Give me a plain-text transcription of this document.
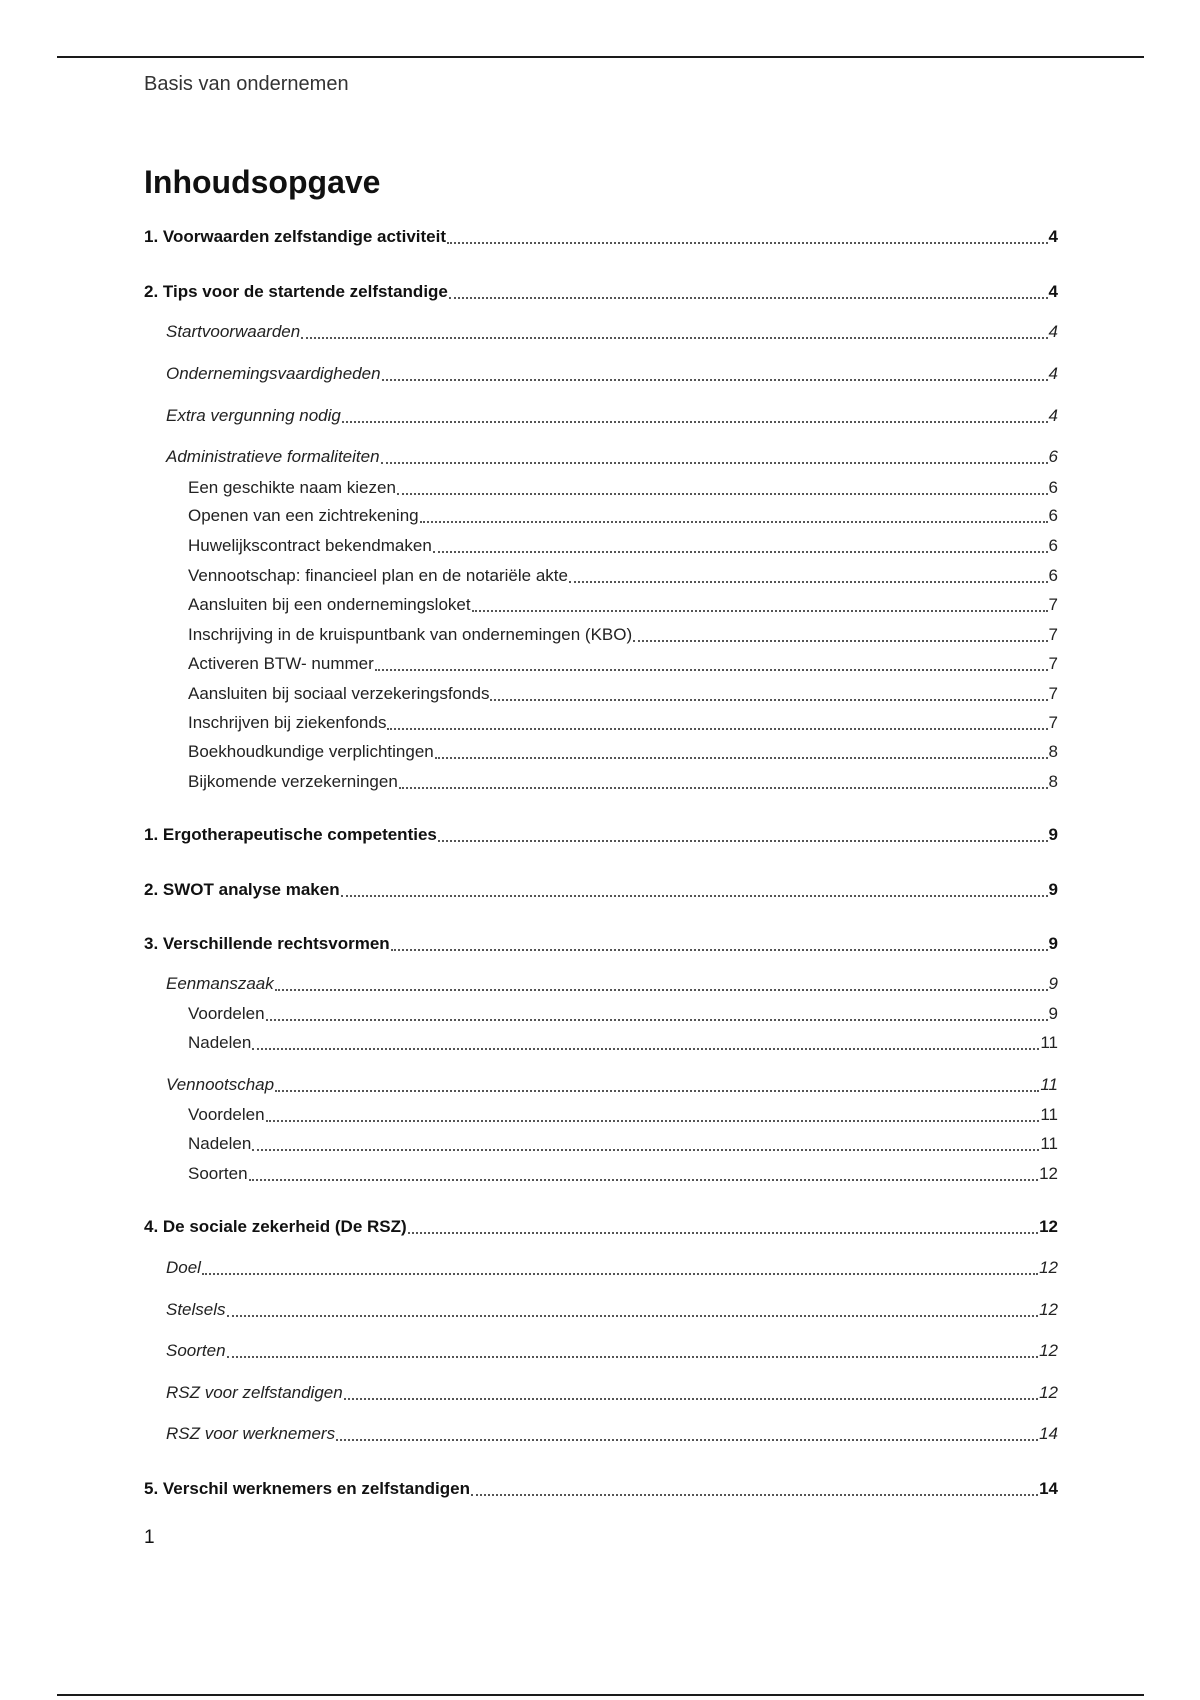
Basis van ondernemen
Inhoudsopgave
1. Voorwaarden zelfstandige activiteit	4
2. Tips voor de startende zelfstandige	4
Startvoorwaarden	4
Ondernemingsvaardigheden	4
Extra vergunning nodig	4
Administratieve formaliteiten	6
Een geschikte naam kiezen	6
Openen van een zichtrekening	6
Huwelijkscontract bekendmaken	6
Vennootschap: financieel plan en de notariële akte	6
Aansluiten bij een ondernemingsloket	7
Inschrijving in de kruispuntbank van ondernemingen (KBO)	7
Activeren BTW- nummer	7
Aansluiten bij sociaal verzekeringsfonds	7
Inschrijven bij ziekenfonds	7
Boekhoudkundige verplichtingen	8
Bijkomende verzekerningen	8
1. Ergotherapeutische competenties	9
2. SWOT analyse maken	9
3. Verschillende rechtsvormen	9
Eenmanszaak	9
Voordelen	9
Nadelen	11
Vennootschap	11
Voordelen	11
Nadelen	11
Soorten	12
4. De sociale zekerheid (De RSZ)	12
Doel	12
Stelsels	12
Soorten	12
RSZ voor zelfstandigen	12
RSZ voor werknemers	14
5. Verschil werknemers en zelfstandigen	14
1
